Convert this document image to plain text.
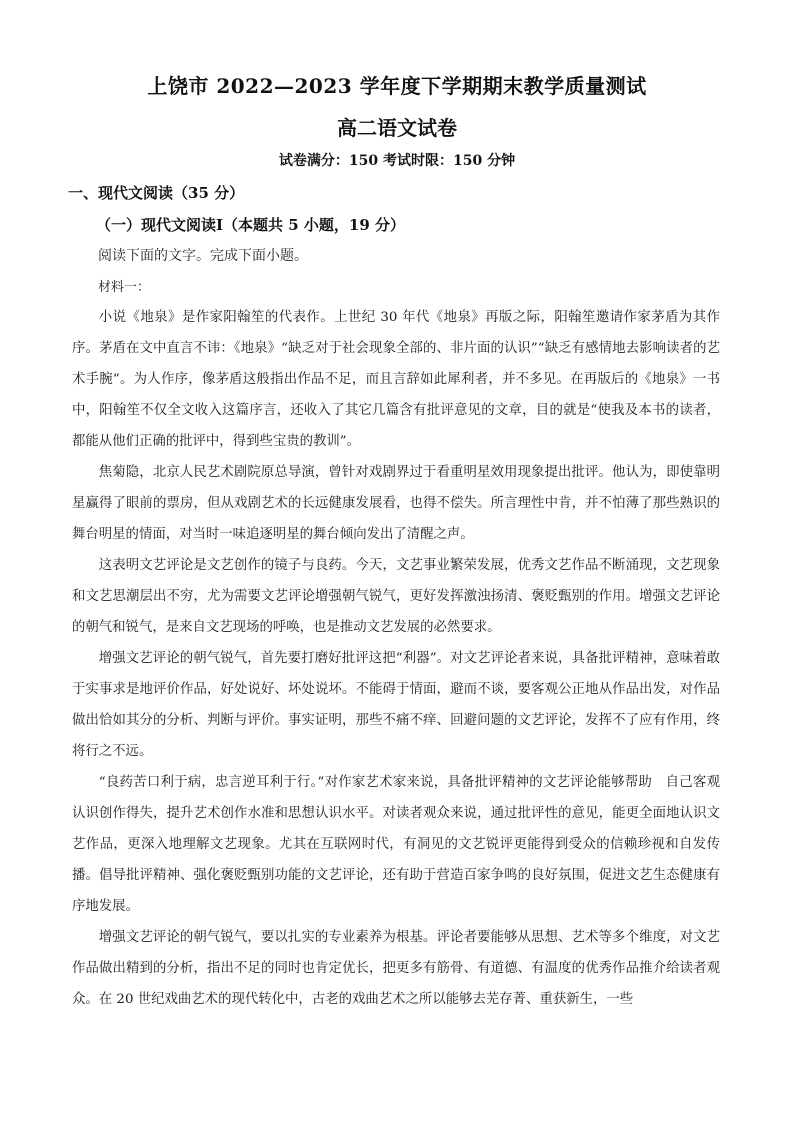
上饶市 2022—2023 学年度下学期期末教学质量测试
高二语文试卷
试卷满分：150 考试时限：150 分钟
一、现代文阅读（35 分）
（一）现代文阅读Ⅰ（本题共 5 小题，19 分）
阅读下面的文字。完成下面小题。
材料一：

小说《地泉》是作家阳翰笙的代表作。上世纪 30 年代《地泉》再版之际，阳翰笙邀请作家茅盾为其作序。茅盾在文中直言不讳：《地泉》“缺乏对于社会现象全部的、非片面的认识”“缺乏有感情地去影响读者的艺术手腕”。为人作序，像茅盾这般指出作品不足，而且言辞如此犀利者，并不多见。在再版后的《地泉》一书中，阳翰笙不仅全文收入这篇序言，还收入了其它几篇含有批评意见的文章，目的就是“使我及本书的读者，都能从他们正确的批评中，得到些宝贵的教训”。

焦菊隐，北京人民艺术剧院原总导演，曾针对戏剧界过于看重明星效用现象提出批评。他认为，即使靠明星赢得了眼前的票房，但从戏剧艺术的长远健康发展看，也得不偿失。所言理性中肯，并不怕薄了那些熟识的舞台明星的情面，对当时一味追逐明星的舞台倾向发出了清醒之声。

这表明文艺评论是文艺创作的镜子与良药。今天，文艺事业繁荣发展，优秀文艺作品不断涌现，文艺现象和文艺思潮层出不穷，尤为需要文艺评论增强朝气锐气，更好发挥激浊扬清、褒贬甄别的作用。增强文艺评论的朝气和锐气，是来自文艺现场的呼唤，也是推动文艺发展的必然要求。

增强文艺评论的朝气锐气，首先要打磨好批评这把“利器”。对文艺评论者来说，具备批评精神，意味着敢于实事求是地评价作品，好处说好、坏处说坏。不能碍于情面，避而不谈，要客观公正地从作品出发，对作品做出恰如其分的分析、判断与评价。事实证明，那些不痛不痒、回避问题的文艺评论，发挥不了应有作用，终将行之不远。

“良药苦口利于病，忠言逆耳利于行。”对作家艺术家来说，具备批评精神的文艺评论能够帮助　自己客观认识创作得失，提升艺术创作水准和思想认识水平。对读者观众来说，通过批评性的意见，能更全面地认识文艺作品，更深入地理解文艺现象。尤其在互联网时代，有洞见的文艺锐评更能得到受众的信赖珍视和自发传播。倡导批评精神、强化褒贬甄别功能的文艺评论，还有助于营造百家争鸣的良好氛围，促进文艺生态健康有序地发展。

增强文艺评论的朝气锐气，要以扎实的专业素养为根基。评论者要能够从思想、艺术等多个维度，对文艺作品做出精到的分析，指出不足的同时也肯定优长，把更多有筋骨、有道德、有温度的优秀作品推介给读者观众。在 20 世纪戏曲艺术的现代转化中，古老的戏曲艺术之所以能够去芜存菁、重获新生，一些
